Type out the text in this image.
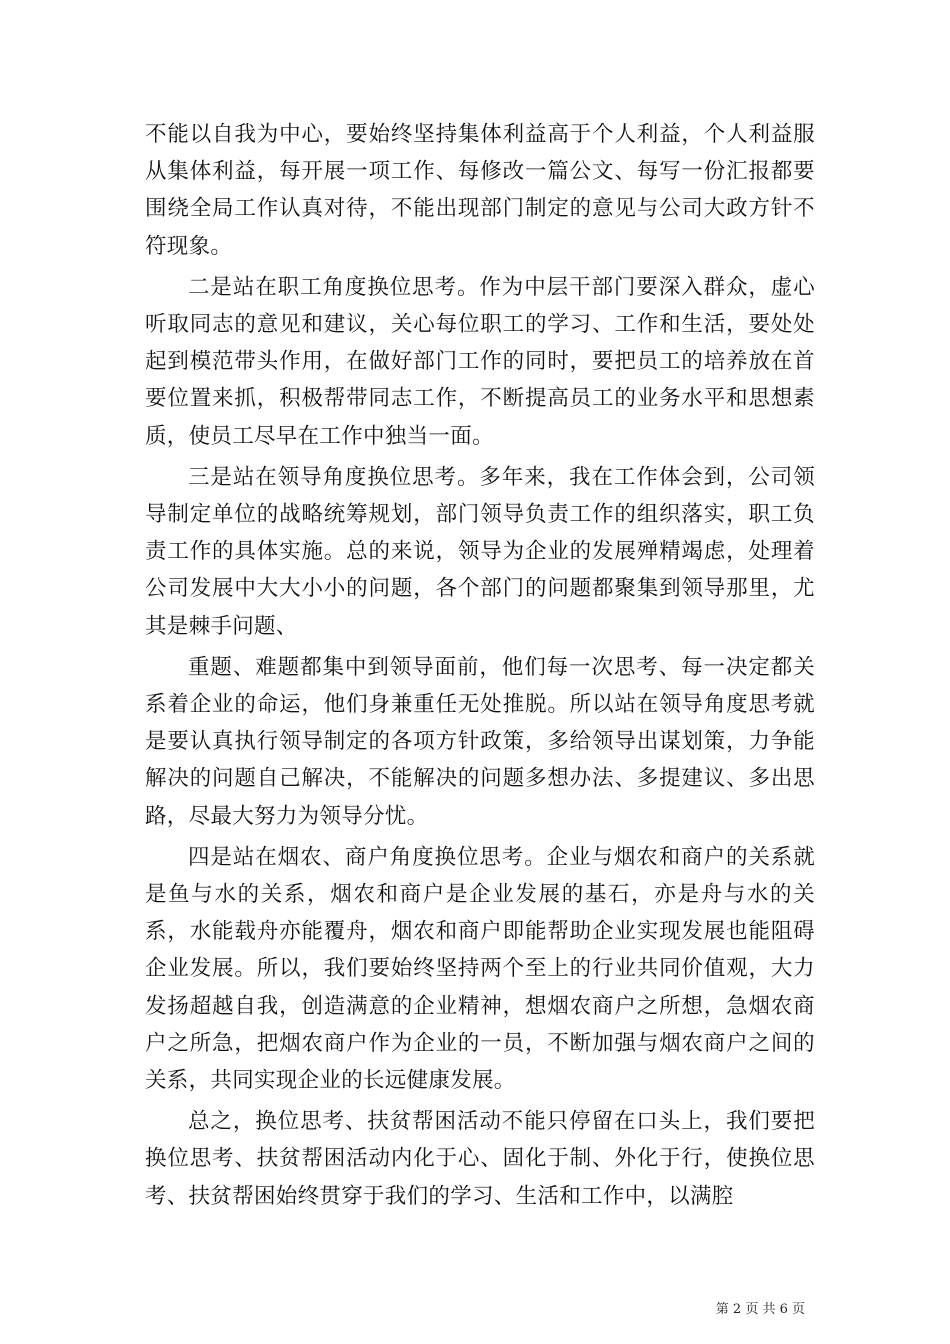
不能以自我为中心，要始终坚持集体利益高于个人利益，个人利益服从集体利益，每开展一项工作、每修改一篇公文、每写一份汇报都要围绕全局工作认真对待，不能出现部门制定的意见与公司大政方针不符现象。

二是站在职工角度换位思考。作为中层干部门要深入群众，虚心听取同志的意见和建议，关心每位职工的学习、工作和生活，要处处起到模范带头作用，在做好部门工作的同时，要把员工的培养放在首要位置来抓，积极帮带同志工作，不断提高员工的业务水平和思想素质，使员工尽早在工作中独当一面。

三是站在领导角度换位思考。多年来，我在工作体会到，公司领导制定单位的战略统筹规划，部门领导负责工作的组织落实，职工负责工作的具体实施。总的来说，领导为企业的发展殚精竭虑，处理着公司发展中大大小小的问题，各个部门的问题都聚集到领导那里，尤其是棘手问题、

重题、难题都集中到领导面前，他们每一次思考、每一决定都关系着企业的命运，他们身兼重任无处推脱。所以站在领导角度思考就是要认真执行领导制定的各项方针政策，多给领导出谋划策，力争能解决的问题自己解决，不能解决的问题多想办法、多提建议、多出思路，尽最大努力为领导分忧。

四是站在烟农、商户角度换位思考。企业与烟农和商户的关系就是鱼与水的关系，烟农和商户是企业发展的基石，亦是舟与水的关系，水能载舟亦能覆舟，烟农和商户即能帮助企业实现发展也能阻碍企业发展。所以，我们要始终坚持两个至上的行业共同价值观，大力发扬超越自我，创造满意的企业精神，想烟农商户之所想，急烟农商户之所急，把烟农商户作为企业的一员，不断加强与烟农商户之间的关系，共同实现企业的长远健康发展。

总之，换位思考、扶贫帮困活动不能只停留在口头上，我们要把换位思考、扶贫帮困活动内化于心、固化于制、外化于行，使换位思考、扶贫帮困始终贯穿于我们的学习、生活和工作中，以满腔

第 2 页 共 6 页
